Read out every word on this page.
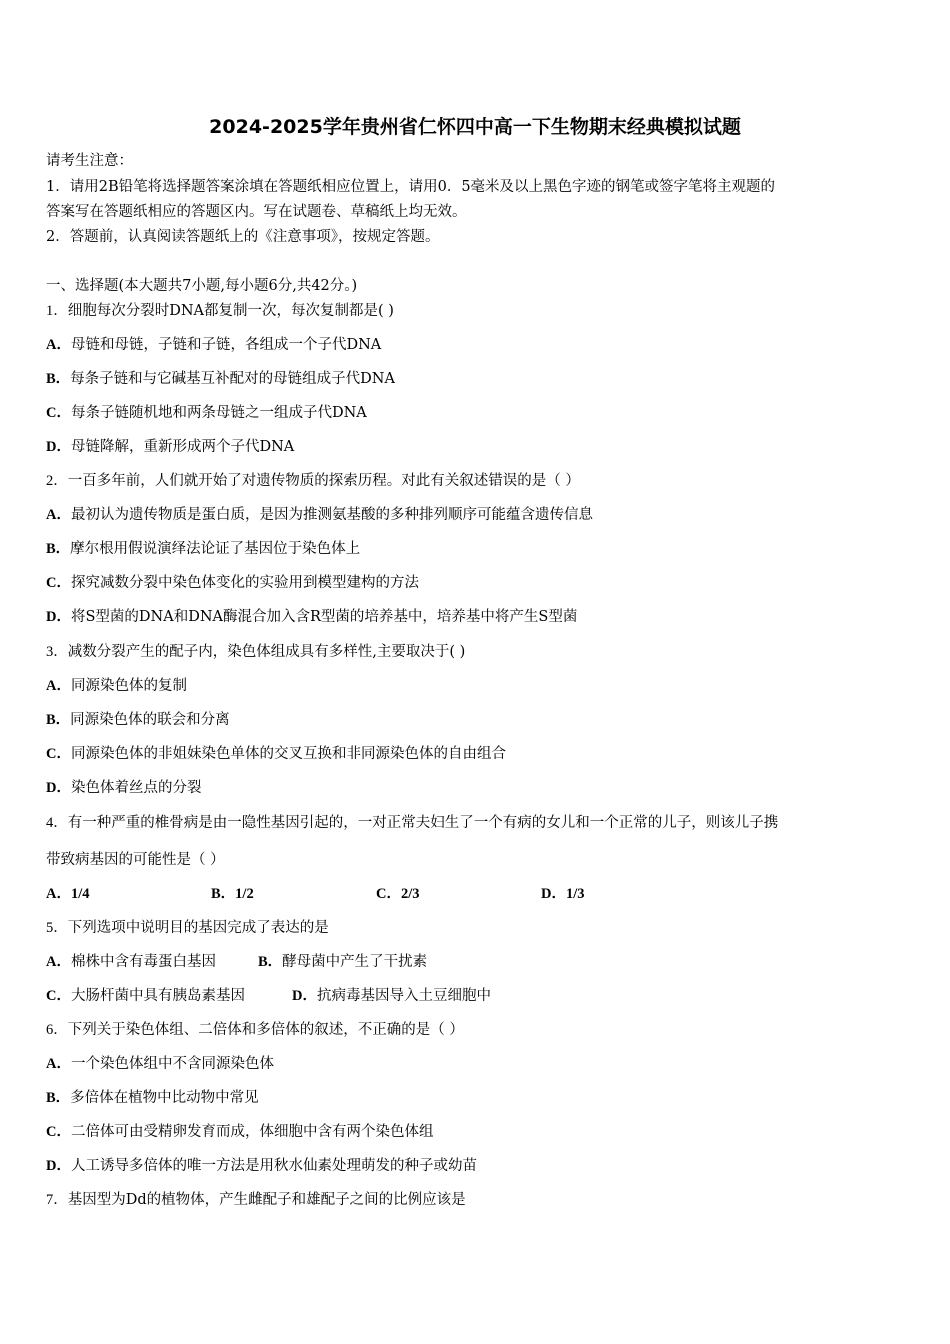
2024-2025学年贵州省仁怀四中高一下生物期末经典模拟试题
请考生注意：
1．请用2B铅笔将选择题答案涂填在答题纸相应位置上，请用0．5毫米及以上黑色字迹的钢笔或签字笔将主观题的
答案写在答题纸相应的答题区内。写在试题卷、草稿纸上均无效。
2．答题前，认真阅读答题纸上的《注意事项》，按规定答题。
一、选择题(本大题共7小题,每小题6分,共42分。)
1．细胞每次分裂时DNA都复制一次，每次复制都是( )
A．母链和母链，子链和子链，各组成一个子代DNA
B．每条子链和与它碱基互补配对的母链组成子代DNA
C．每条子链随机地和两条母链之一组成子代DNA
D．母链降解，重新形成两个子代DNA
2．一百多年前，人们就开始了对遗传物质的探索历程。对此有关叙述错误的是（ ）
A．最初认为遗传物质是蛋白质，是因为推测氨基酸的多种排列顺序可能蕴含遗传信息
B．摩尔根用假说演绎法论证了基因位于染色体上
C．探究减数分裂中染色体变化的实验用到模型建构的方法
D．将S型菌的DNA和DNA酶混合加入含R型菌的培养基中，培养基中将产生S型菌
3．减数分裂产生的配子内，染色体组成具有多样性,主要取决于( )
A．同源染色体的复制
B．同源染色体的联会和分离
C．同源染色体的非姐妹染色单体的交叉互换和非同源染色体的自由组合
D．染色体着丝点的分裂
4．有一种严重的椎骨病是由一隐性基因引起的，一对正常夫妇生了一个有病的女儿和一个正常的儿子，则该儿子携
带致病基因的可能性是（ ）
A．1/4	B．1/2	C．2/3	D．1/3
5．下列选项中说明目的基因完成了表达的是
A．棉株中含有毒蛋白基因	B．酵母菌中产生了干扰素
C．大肠杆菌中具有胰岛素基因	D．抗病毒基因导入土豆细胞中
6．下列关于染色体组、二倍体和多倍体的叙述，不正确的是（ ）
A．一个染色体组中不含同源染色体
B．多倍体在植物中比动物中常见
C．二倍体可由受精卵发育而成，体细胞中含有两个染色体组
D．人工诱导多倍体的唯一方法是用秋水仙素处理萌发的种子或幼苗
7．基因型为Dd的植物体，产生雌配子和雄配子之间的比例应该是
